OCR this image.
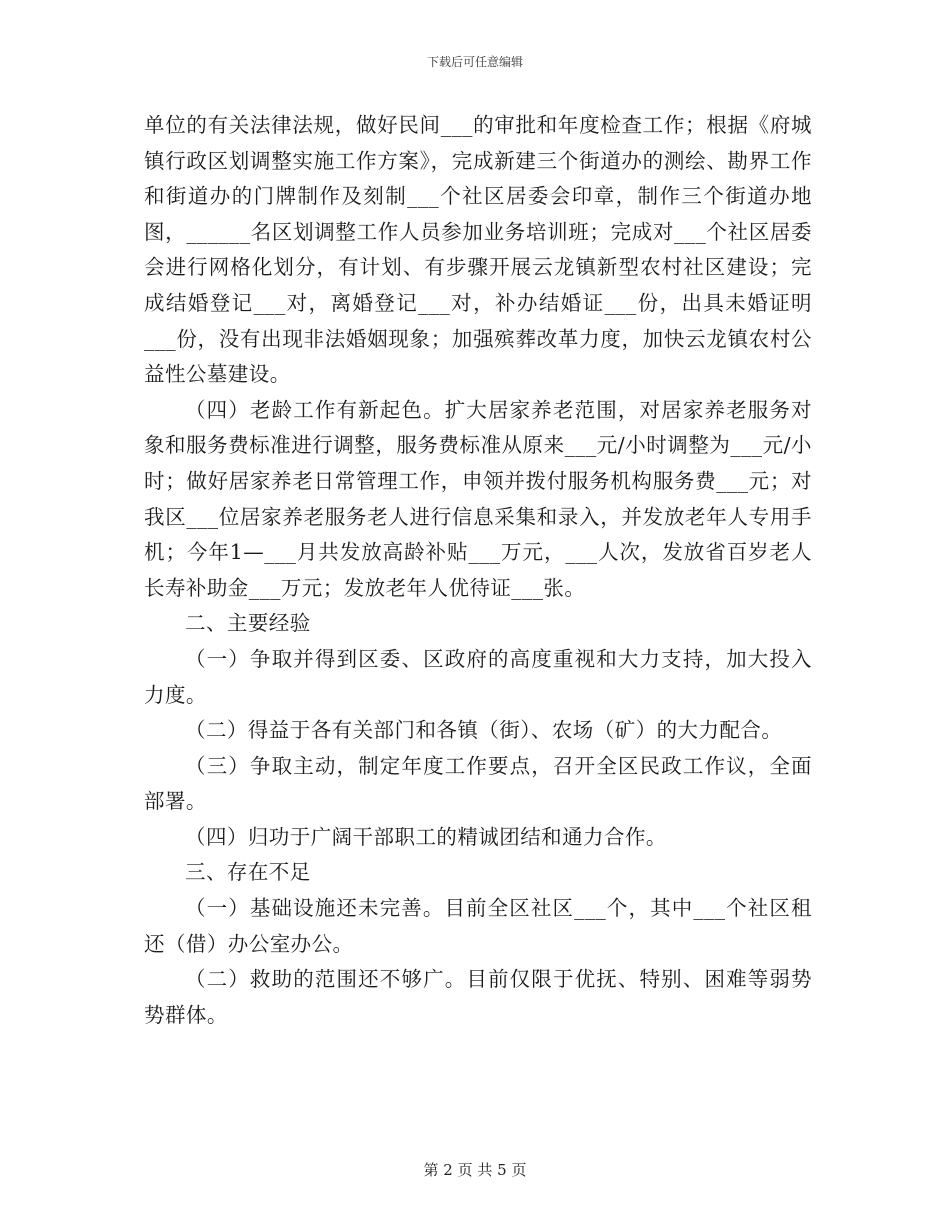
下载后可任意编辑

单位的有关法律法规，做好民间___的审批和年度检查工作；根据《府城镇行政区划调整实施工作方案》，完成新建三个街道办的测绘、勘界工作和街道办的门牌制作及刻制___个社区居委会印章，制作三个街道办地图，______名区划调整工作人员参加业务培训班；完成对___个社区居委会进行网格化划分，有计划、有步骤开展云龙镇新型农村社区建设；完成结婚登记___对，离婚登记___对，补办结婚证___份，出具未婚证明___份，没有出现非法婚姻现象；加强殡葬改革力度，加快云龙镇农村公益性公墓建设。

（四）老龄工作有新起色。扩大居家养老范围，对居家养老服务对象和服务费标准进行调整，服务费标准从原来___元/小时调整为___元/小时；做好居家养老日常管理工作，申领并拨付服务机构服务费___元；对我区___位居家养老服务老人进行信息采集和录入，并发放老年人专用手机；今年1—___月共发放高龄补贴___万元，___人次，发放省百岁老人长寿补助金___万元；发放老年人优待证___张。

二、主要经验

（一）争取并得到区委、区政府的高度重视和大力支持，加大投入力度。

（二）得益于各有关部门和各镇（街）、农场（矿）的大力配合。

（三）争取主动，制定年度工作要点，召开全区民政工作议，全面部署。

（四）归功于广阔干部职工的精诚团结和通力合作。

三、存在不足

（一）基础设施还未完善。目前全区社区___个，其中___个社区租还（借）办公室办公。

（二）救助的范围还不够广。目前仅限于优抚、特别、困难等弱势势群体。

第 2 页 共 5 页
